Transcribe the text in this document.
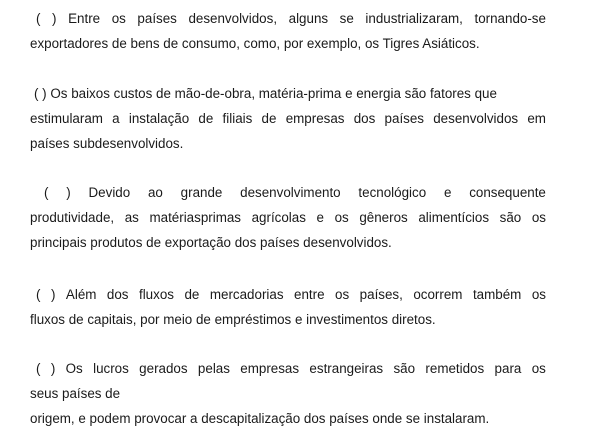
( ) Entre os países desenvolvidos, alguns se industrializaram, tornando-se
exportadores de bens de consumo, como, por exemplo, os Tigres Asiáticos.
( ) Os baixos custos de mão-de-obra, matéria-prima e energia são fatores que
estimularam a instalação de filiais de empresas dos países desenvolvidos em
países subdesenvolvidos.
( ) Devido ao grande desenvolvimento tecnológico e consequente
produtividade, as matériasprimas agrícolas e os gêneros alimentícios são os
principais produtos de exportação dos países desenvolvidos.
( ) Além dos fluxos de mercadorias entre os países, ocorrem também os
fluxos de capitais, por meio de empréstimos e investimentos diretos.
( ) Os lucros gerados pelas empresas estrangeiras são remetidos para os
seus países de
origem, e podem provocar a descapitalização dos países onde se instalaram.
